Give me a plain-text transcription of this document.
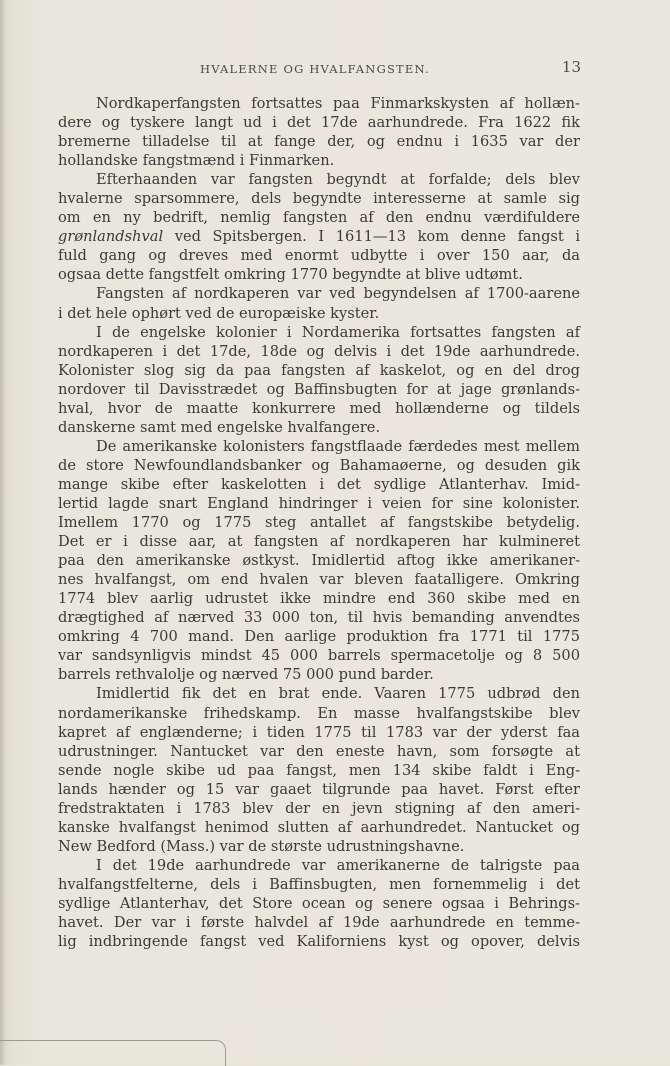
HVALERNE OG HVALFANGSTEN.	13
Nordkaperfangsten fortsattes paa Finmarkskysten af hollæn-
dere og tyskere langt ud i det 17de aarhundrede. Fra 1622 fik
bremerne tilladelse til at fange der, og endnu i 1635 var der
hollandske fangstmænd i Finmarken.
Efterhaanden var fangsten begyndt at forfalde; dels blev
hvalerne sparsommere, dels begyndte interesserne at samle sig
om en ny bedrift, nemlig fangsten af den endnu værdifuldere
grønlandshval ved Spitsbergen. I 1611—13 kom denne fangst i
fuld gang og dreves med enormt udbytte i over 150 aar, da
ogsaa dette fangstfelt omkring 1770 begyndte at blive udtømt.
Fangsten af nordkaperen var ved begyndelsen af 1700-aarene
i det hele ophørt ved de europæiske kyster.
I de engelske kolonier i Nordamerika fortsattes fangsten af
nordkaperen i det 17de, 18de og delvis i det 19de aarhundrede.
Kolonister slog sig da paa fangsten af kaskelot, og en del drog
nordover til Davisstrædet og Baffinsbugten for at jage grønlands-
hval, hvor de maatte konkurrere med hollænderne og tildels
danskerne samt med engelske hvalfangere.
De amerikanske kolonisters fangstflaade færdedes mest mellem
de store Newfoundlandsbanker og Bahamaøerne, og desuden gik
mange skibe efter kaskelotten i det sydlige Atlanterhav. Imid-
lertid lagde snart England hindringer i veien for sine kolonister.
Imellem 1770 og 1775 steg antallet af fangstskibe betydelig.
Det er i disse aar, at fangsten af nordkaperen har kulmineret
paa den amerikanske østkyst. Imidlertid aftog ikke amerikaner-
nes hvalfangst, om end hvalen var bleven faatalligere. Omkring
1774 blev aarlig udrustet ikke mindre end 360 skibe med en
drægtighed af nærved 33 000 ton, til hvis bemanding anvendtes
omkring 4 700 mand. Den aarlige produktion fra 1771 til 1775
var sandsynligvis mindst 45 000 barrels spermacetolje og 8 500
barrels rethvalolje og nærved 75 000 pund barder.
Imidlertid fik det en brat ende. Vaaren 1775 udbrød den
nordamerikanske frihedskamp. En masse hvalfangstskibe blev
kapret af englænderne; i tiden 1775 til 1783 var der yderst faa
udrustninger. Nantucket var den eneste havn, som forsøgte at
sende nogle skibe ud paa fangst, men 134 skibe faldt i Eng-
lands hænder og 15 var gaaet tilgrunde paa havet. Først efter
fredstraktaten i 1783 blev der en jevn stigning af den ameri-
kanske hvalfangst henimod slutten af aarhundredet. Nantucket og
New Bedford (Mass.) var de største udrustningshavne.
I det 19de aarhundrede var amerikanerne de talrigste paa
hvalfangstfelterne, dels i Baffinsbugten, men fornemmelig i det
sydlige Atlanterhav, det Store ocean og senere ogsaa i Behrings-
havet. Der var i første halvdel af 19de aarhundrede en temme-
lig indbringende fangst ved Kaliforniens kyst og opover, delvis
